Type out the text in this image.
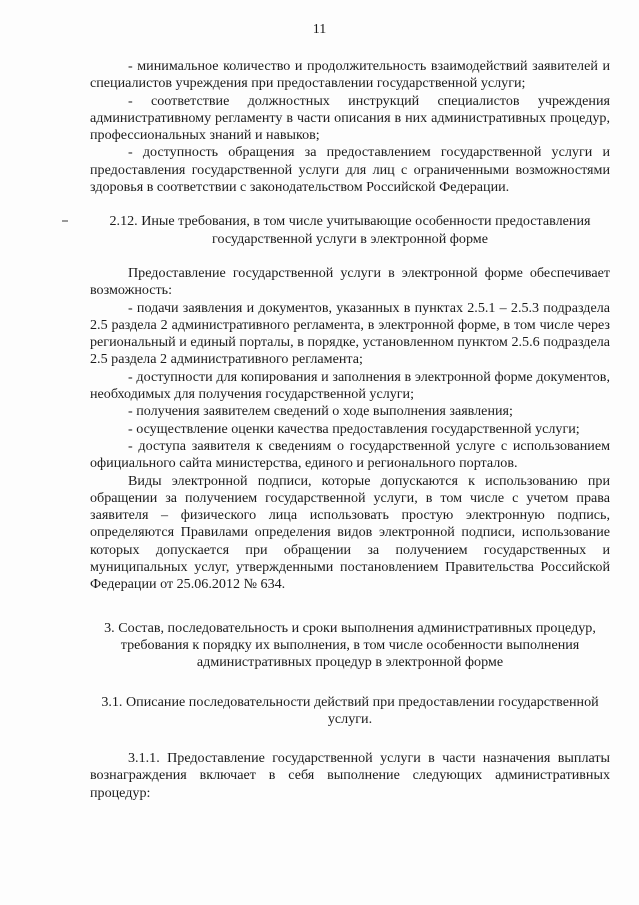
11

- минимальное количество и продолжительность взаимодействий заявителей и специалистов учреждения при предоставлении государственной услуги;

- соответствие должностных инструкций специалистов учреждения административному регламенту в части описания в них административных процедур, профессиональных знаний и навыков;

- доступность обращения за предоставлением государственной услуги и предоставления государственной услуги для лиц с ограниченными возможностями здоровья в соответствии с законодательством Российской Федерации.

2.12. Иные требования, в том числе учитывающие особенности предоставления государственной услуги в электронной форме

Предоставление государственной услуги в электронной форме обеспечивает возможность:

- подачи заявления и документов, указанных в пунктах 2.5.1 – 2.5.3 подраздела 2.5 раздела 2 административного регламента, в электронной форме, в том числе через региональный и единый порталы, в порядке, установленном пунктом 2.5.6 подраздела 2.5 раздела 2 административного регламента;

- доступности для копирования и заполнения в электронной форме документов, необходимых для получения государственной услуги;

- получения заявителем сведений о ходе выполнения заявления;

- осуществление оценки качества предоставления государственной услуги;

- доступа заявителя к сведениям о государственной услуге с использованием официального сайта министерства, единого и регионального порталов.

Виды электронной подписи, которые допускаются к использованию при обращении за получением государственной услуги, в том числе с учетом права заявителя – физического лица использовать простую электронную подпись, определяются Правилами определения видов электронной подписи, использование которых допускается при обращении за получением государственных и муниципальных услуг, утвержденными постановлением Правительства Российской Федерации от 25.06.2012 № 634.

3. Состав, последовательность и сроки выполнения административных процедур, требования к порядку их выполнения, в том числе особенности выполнения административных процедур в электронной форме

3.1. Описание последовательности действий при предоставлении государственной услуги.

3.1.1. Предоставление государственной услуги в части назначения выплаты вознаграждения включает в себя выполнение следующих административных процедур:
